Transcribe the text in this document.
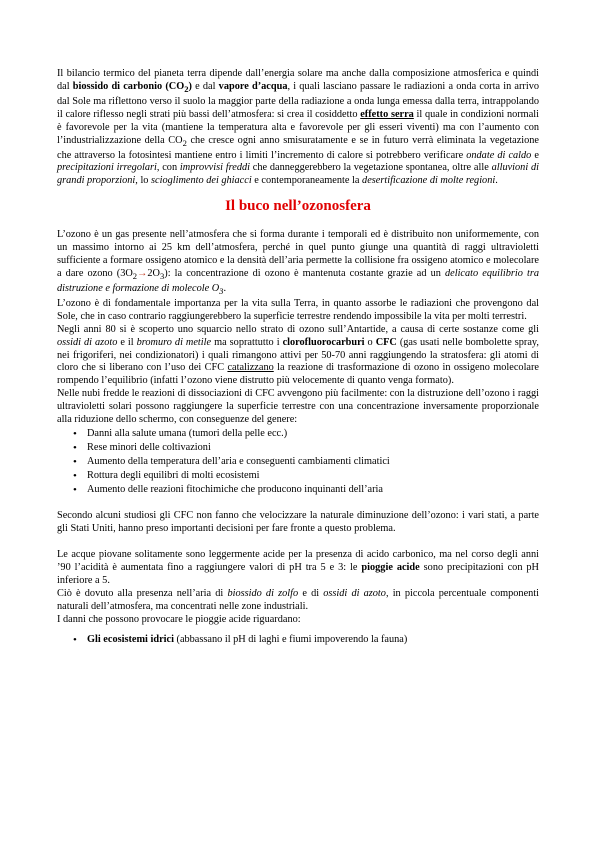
Il bilancio termico del pianeta terra dipende dall’energia solare ma anche dalla composizione atmosferica e quindi dal biossido di carbonio $(CO_2)$ e dal vapore d’acqua, i quali lasciano passare le radiazioni a onda corta in arrivo dal Sole ma riflettono verso il suolo la maggior parte della radiazione a onda lunga emessa dalla terra, intrappolando il calore riflesso negli strati più bassi dell’atmosfera: si crea il cosiddetto effetto serra il quale in condizioni normali è favorevole per la vita (mantiene la temperatura alta e favorevole per gli esseri viventi) ma con l’aumento con l’industrializzazione della $CO_2$ che cresce ogni anno smisuratamente e se in futuro verrà eliminata la vegetazione che attraverso la fotosintesi mantiene entro i limiti l’incremento di calore si potrebbero verificare ondate di caldo e precipitazioni irregolari, con improvvisi freddi che danneggerebbero la vegetazione spontanea, oltre alle alluvioni di grandi proporzioni, lo scioglimento dei ghiacci e contemporaneamente la desertificazione di molte regioni.

Il buco nell’ozonosfera

L’ozono è un gas presente nell’atmosfera che si forma durante i temporali ed è distribuito non uniformemente, con un massimo intorno ai 25 km dell’atmosfera, perché in quel punto giunge una quantità di raggi ultravioletti sufficiente a formare ossigeno atomico e la densità dell’aria permette la collisione fra ossigeno atomico e molecolare a dare ozono $(3O_2\to 2O_3)$: la concentrazione di ozono è mantenuta costante grazie ad un delicato equilibrio tra distruzione e formazione di molecole $O_3$.

L’ozono è di fondamentale importanza per la vita sulla Terra, in quanto assorbe le radiazioni che provengono dal Sole, che in caso contrario raggiungerebbero la superficie terrestre rendendo impossibile la vita per molti terrestri.

Negli anni 80 si è scoperto uno squarcio nello strato di ozono sull’Antartide, a causa di certe sostanze come gli ossidi di azoto e il bromuro di metile ma soprattutto i clorofluorocarburi o CFC (gas usati nelle bombolette spray, nei frigoriferi, nei condizionatori) i quali rimangono attivi per 50-70 anni raggiungendo la stratosfera: gli atomi di cloro che si liberano con l’uso dei CFC catalizzano la reazione di trasformazione di ozono in ossigeno molecolare rompendo l’equilibrio (infatti l’ozono viene distrutto più velocemente di quanto venga formato).

Nelle nubi fredde le reazioni di dissociazioni di CFC avvengono più facilmente: con la distruzione dell’ozono i raggi ultravioletti solari possono raggiungere la superficie terrestre con una concentrazione inversamente proporzionale alla riduzione dello schermo, con conseguenze del genere:

• Danni alla salute umana (tumori della pelle ecc.)
• Rese minori delle coltivazioni
• Aumento della temperatura dell’aria e conseguenti cambiamenti climatici
• Rottura degli equilibri di molti ecosistemi
• Aumento delle reazioni fitochimiche che producono inquinanti dell’aria

Secondo alcuni studiosi gli CFC non fanno che velocizzare la naturale diminuzione dell’ozono: i vari stati, a parte gli Stati Uniti, hanno preso importanti decisioni per fare fronte a questo problema.

Le acque piovane solitamente sono leggermente acide per la presenza di acido carbonico, ma nel corso degli anni ’90 l’acidità è aumentata fino a raggiungere valori di pH tra 5 e 3: le pioggie acide sono precipitazioni con pH inferiore a 5.

Ciò è dovuto alla presenza nell’aria di biossido di zolfo e di ossidi di azoto, in piccola percentuale componenti naturali dell’atmosfera, ma concentrati nelle zone industriali.

I danni che possono provocare le pioggie acide riguardano:

• Gli ecosistemi idrici (abbassano il pH di laghi e fiumi impoverendo la fauna)
